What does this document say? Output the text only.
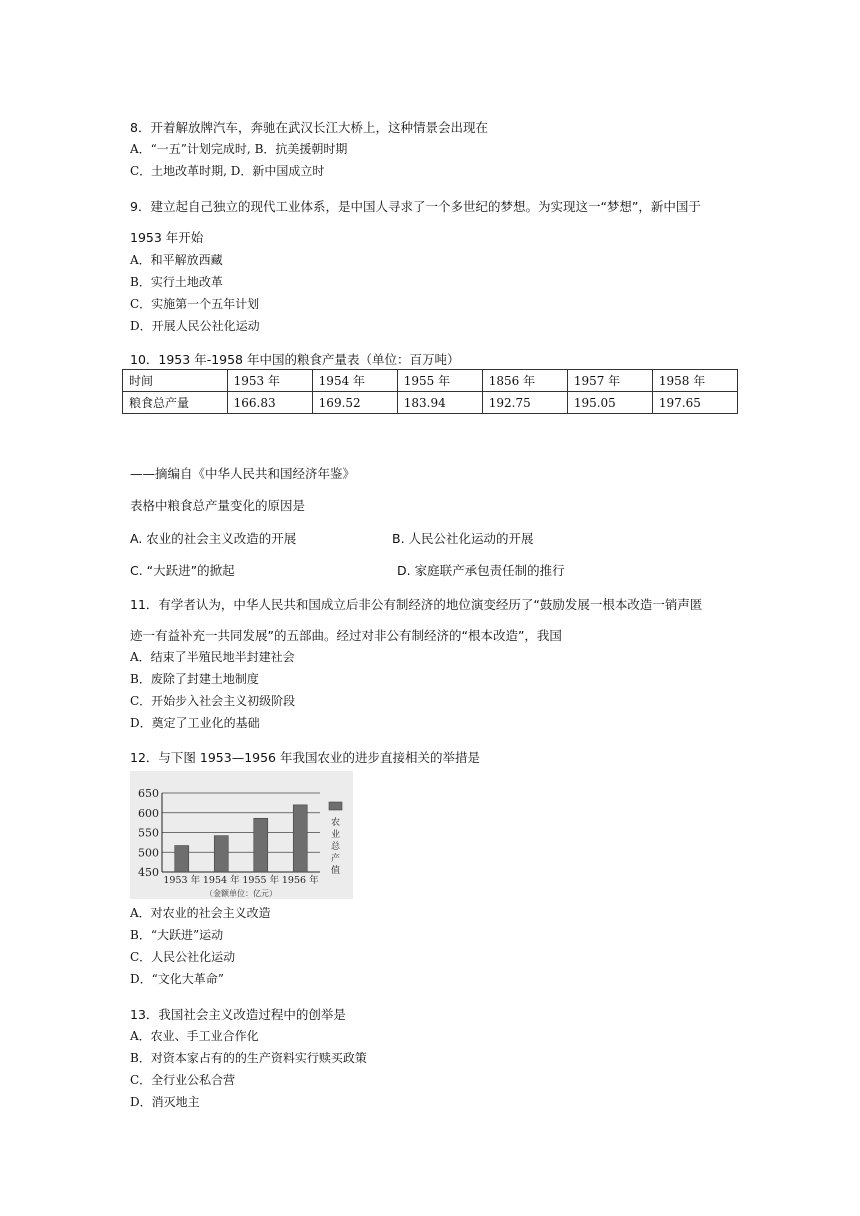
8．开着解放牌汽车，奔驰在武汉长江大桥上，这种情景会出现在
A．“一五”计划完成时, B．抗美援朝时期
C．土地改革时期, D．新中国成立时
9．建立起自己独立的现代工业体系，是中国人寻求了一个多世纪的梦想。为实现这一“梦想”，新中国于
1953 年开始
A．和平解放西藏
B．实行土地改革
C．实施第一个五年计划
D．开展人民公社化运动
10．1953 年-1958 年中国的粮食产量表（单位：百万吨）
时间	1953 年	1954 年	1955 年	1856 年	1957 年	1958 年
粮食总产量	166.83	169.52	183.94	192.75	195.05	197.65
——摘编自《中华人民共和国经济年鉴》
表格中粮食总产量变化的原因是
A. 农业的社会主义改造的开展	B. 人民公社化运动的开展
C. “大跃进”的掀起	D. 家庭联产承包责任制的推行
11．有学者认为，中华人民共和国成立后非公有制经济的地位演变经历了“鼓励发展一根本改造一销声匿
迹一有益补充一共同发展”的五部曲。经过对非公有制经济的“根本改造”，我国
A．结束了半殖民地半封建社会
B．废除了封建土地制度
C．开始步入社会主义初级阶段
D．奠定了工业化的基础
12．与下图 1953—1956 年我国农业的进步直接相关的举措是
450
500
550
600
650
1953 年 1954 年 1955 年 1956 年
（金额单位：亿元）
农
业
总
产
值
A．对农业的社会主义改造
B．“大跃进”运动
C．人民公社化运动
D．“文化大革命”
13．我国社会主义改造过程中的创举是
A．农业、手工业合作化
B．对资本家占有的的生产资料实行赎买政策
C．全行业公私合营
D．消灭地主
